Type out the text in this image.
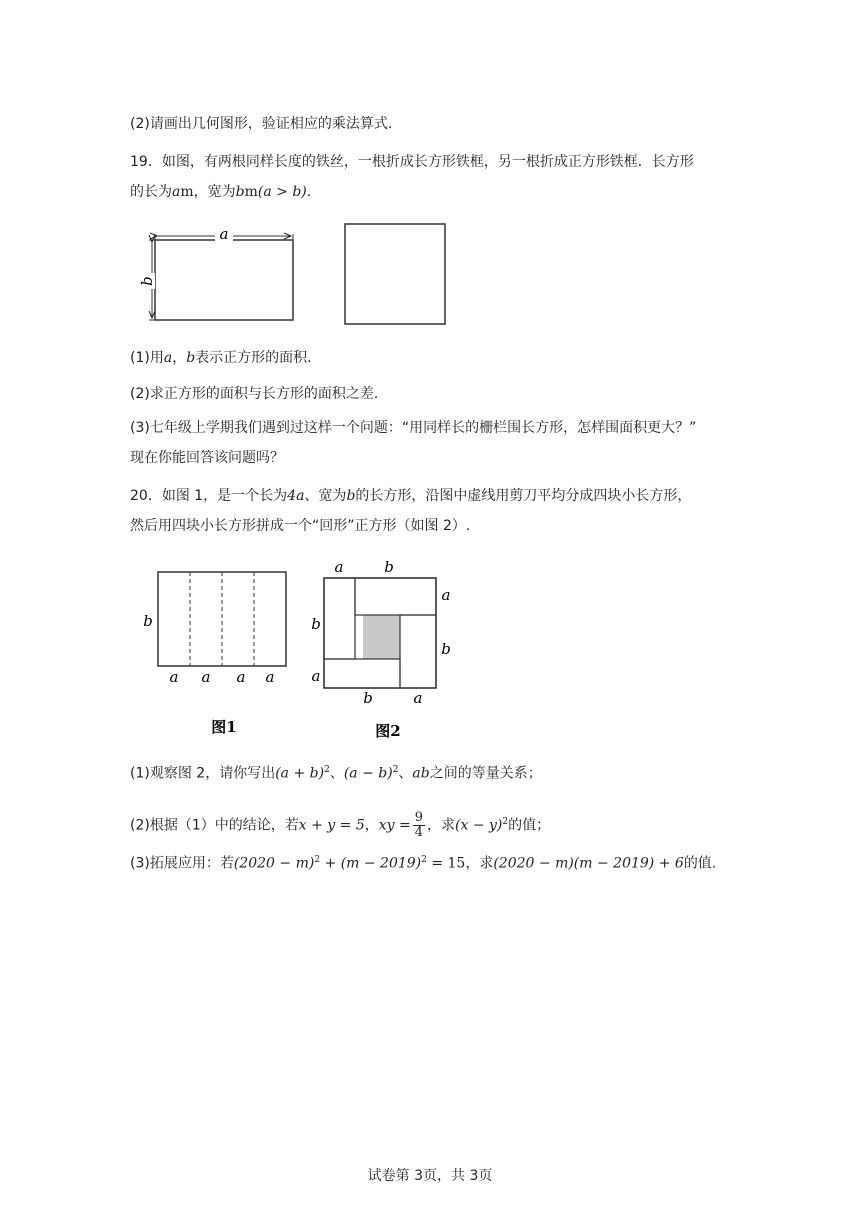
(2)请画出几何图形，验证相应的乘法算式.
19．如图，有两根同样长度的铁丝，一根折成长方形铁框，另一根折成正方形铁框．长方形
的长为am，宽为bm(a > b)．
a
b
(1)用a，b表示正方形的面积．
(2)求正方形的面积与长方形的面积之差．
(3)七年级上学期我们遇到过这样一个问题：“用同样长的栅栏围长方形，怎样围面积更大？”
现在你能回答该问题吗？
20．如图 1，是一个长为4a、宽为b的长方形，沿图中虚线用剪刀平均分成四块小长方形，
然后用四块小长方形拼成一个“回形”正方形（如图 2）.
b
a a a a
图1
a	b
a
b
b
a
b	a
图2
(1)观察图 2，请你写出$(a + b)^2$、$(a - b)^2$、ab之间的等量关系；
(2)根据（1）中的结论，若x + y = 5，xy = $\frac{9}{4}$ ，求$(x - y)^2$的值；
(3)拓展应用：若$(2020 - m)^2 + (m - 2019)^2 = 15$，求(2020 − m)(m − 2019) + 6的值.
试卷第 3页，共 3页
